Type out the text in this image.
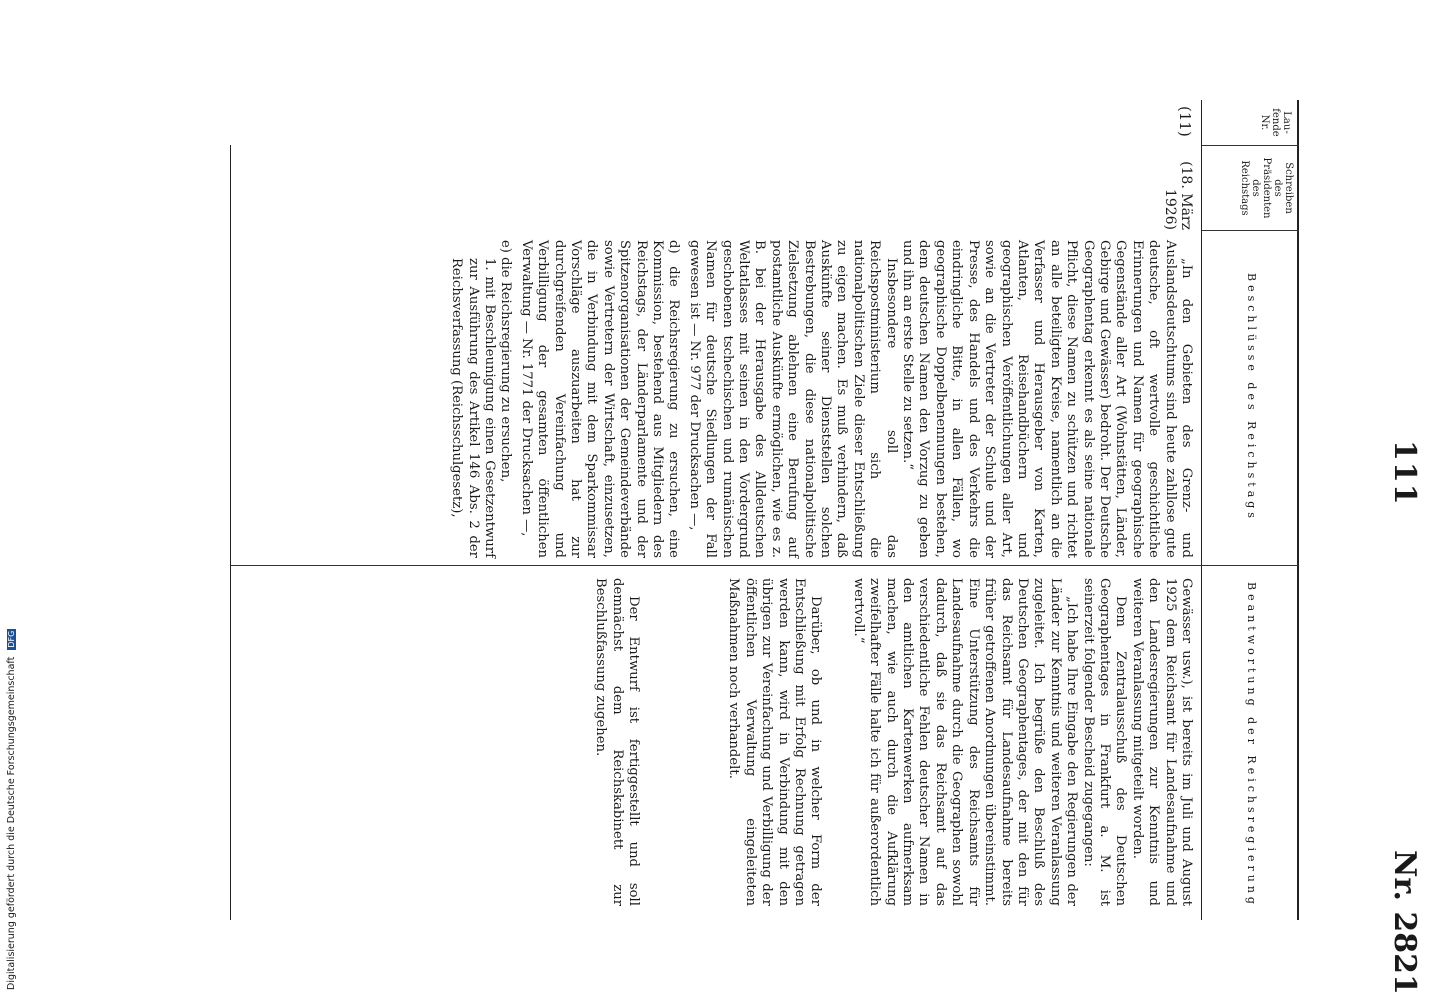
111
Nr. 2821
Lau-
fende
Nr.
Schreiben
des
Präsidenten
des
Reichstags
Beschlüsse des Reichstags
Beantwortung der Reichsregierung
(11)
(18. März
1926)

„In den Gebieten des Grenz- und Auslandsdeutschtums sind heute zahllose gute deutsche, oft wertvolle geschichtliche Erinnerungen und Namen für geographische Gegenstände aller Art (Wohnstätten, Länder, Gebirge und Gewässer) bedroht. Der Deutsche Geographentag erkennt es als seine nationale Pflicht, diese Namen zu schützen und richtet an alle beteiligten Kreise, namentlich an die Verfasser und Herausgeber von Karten, Atlanten, Reisehandbüchern und geographischen Veröffentlichungen aller Art, sowie an die Vertreter der Schule und der Presse, des Handels und des Verkehrs die eindringliche Bitte, in allen Fällen, wo geographische Doppelbenennungen bestehen, dem deutschen Namen den Vorzug zu geben und ihn an erste Stelle zu setzen.“

Insbesondere soll das Reichspostministerium sich die nationalpolitischen Ziele dieser Entschließung zu eigen machen. Es muß verhindern, daß Auskünfte seiner Dienststellen solchen Bestrebungen, die diese nationalpolitische Zielsetzung ablehnen eine Berufung auf postamtliche Auskünfte ermöglichen, wie es z. B. bei der Herausgabe des Alldeutschen Weltatlasses mit seinen in den Vordergrund geschobenen tschechischen und rumänischen Namen für deutsche Siedlungen der Fall gewesen ist — Nr. 977 der Drucksachen —,

d) die Reichsregierung zu ersuchen, eine Kommission, bestehend aus Mitgliedern des Reichstags, der Länderparlamente und der Spitzenorganisationen der Gemeindeverbände sowie Vertretern der Wirtschaft, einzusetzen, die in Verbindung mit dem Sparkommissar Vorschläge auszuarbeiten hat zur durchgreifenden Vereinfachung und Verbilligung der gesamten öffentlichen Verwaltung — Nr. 1771 der Drucksachen —,

e) die Reichsregierung zu ersuchen,

1. mit Beschleunigung einen Gesetzentwurf zur Ausführung des Artikel 146 Abs. 2 der Reichsverfassung (Reichsschulgesetz),

Gewässer usw.), ist bereits im Juli und August 1925 dem Reichsamt für Landesaufnahme und den Landesregierungen zur Kenntnis und weiteren Veranlassung mitgeteilt worden.

Dem Zentralausschuß des Deutschen Geographentages in Frankfurt a. M. ist seinerzeit folgender Bescheid zugegangen:

„Ich habe Ihre Eingabe den Regierungen der Länder zur Kenntnis und weiteren Veranlassung zugeleitet. Ich begrüße den Beschluß des Deutschen Geographentages, der mit den für das Reichsamt für Landesaufnahme bereits früher getroffenen Anordnungen übereinstimmt. Eine Unterstützung des Reichsamts für Landesaufnahme durch die Geographen sowohl dadurch, daß sie das Reichsamt auf das verschiedentliche Fehlen deutscher Namen in den amtlichen Kartenwerken aufmerksam machen, wie auch durch die Aufklärung zweifelhafter Fälle halte ich für außerordentlich wertvoll.“

Darüber, ob und in welcher Form der Entschließung mit Erfolg Rechnung getragen werden kann, wird in Verbindung mit den übrigen zur Vereinfachung und Verbilligung der öffentlichen Verwaltung eingeleiteten Maßnahmen noch verhandelt.

Der Entwurf ist fertiggestellt und soll demnächst dem Reichskabinett zur Beschlußfassung zugehen.

Digitalisierung gefördert durch die Deutsche Forschungsgemeinschaft DFG
